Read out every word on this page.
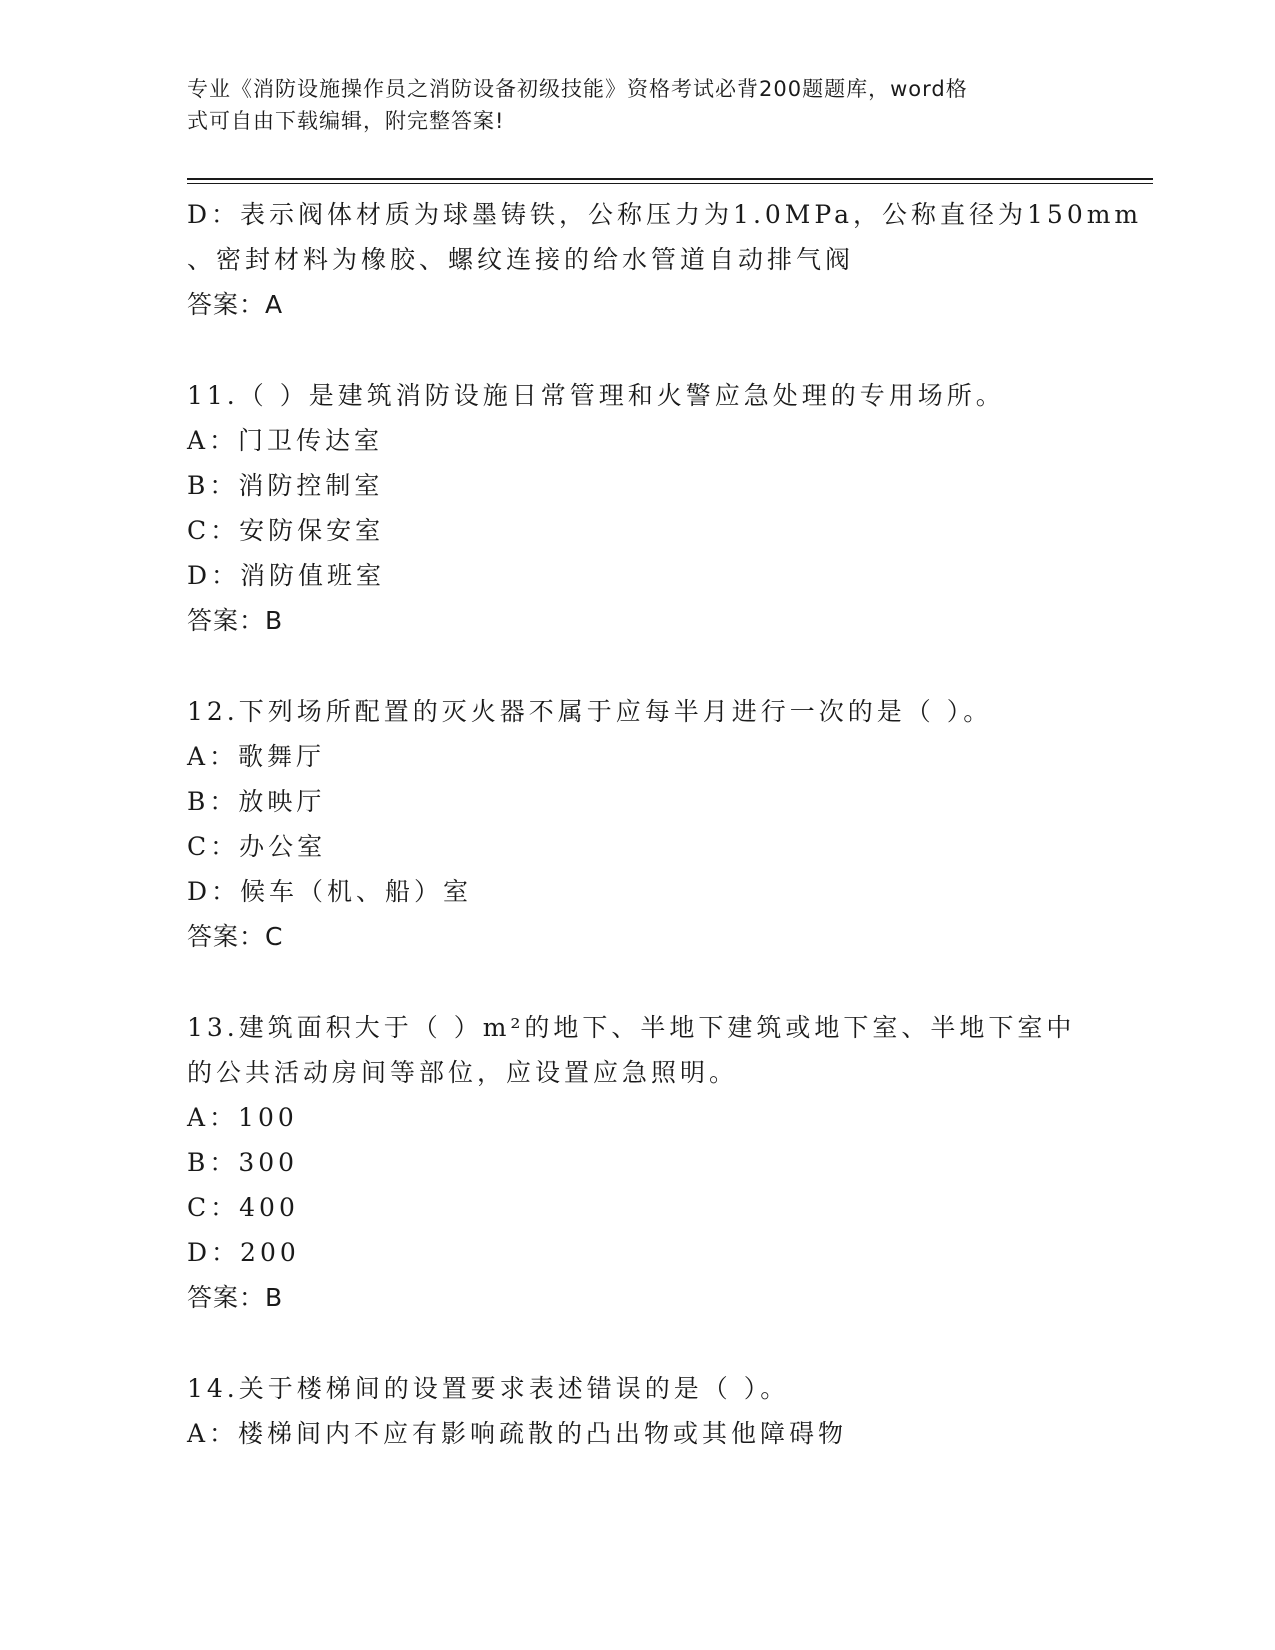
专业《消防设施操作员之消防设备初级技能》资格考试必背200题题库，word格
式可自由下载编辑，附完整答案!
D：表示阀体材质为球墨铸铁，公称压力为1.0MPa，公称直径为150mm
、密封材料为橡胶、螺纹连接的给水管道自动排气阀
答案：A
11.（ ）是建筑消防设施日常管理和火警应急处理的专用场所。
A：门卫传达室
B：消防控制室
C：安防保安室
D：消防值班室
答案：B
12.下列场所配置的灭火器不属于应每半月进行一次的是（ ）。
A：歌舞厅
B：放映厅
C：办公室
D：候车（机、船）室
答案：C
13.建筑面积大于（ ）m²的地下、半地下建筑或地下室、半地下室中
的公共活动房间等部位，应设置应急照明。
A：100
B：300
C：400
D：200
答案：B
14.关于楼梯间的设置要求表述错误的是（ ）。
A：楼梯间内不应有影响疏散的凸出物或其他障碍物
